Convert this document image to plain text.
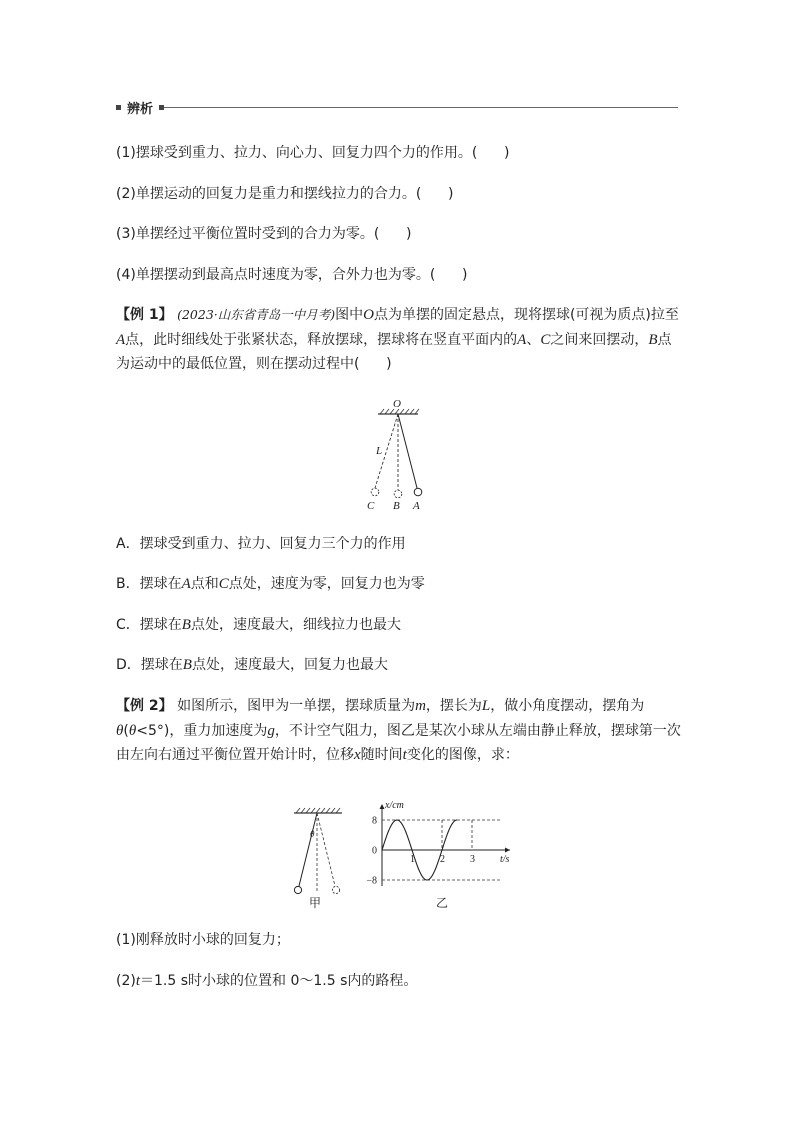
辨析
(1)摆球受到重力、拉力、向心力、回复力四个力的作用。(      )
(2)单摆运动的回复力是重力和摆线拉力的合力。(      )
(3)单摆经过平衡位置时受到的合力为零。(      )
(4)单摆摆动到最高点时速度为零，合外力也为零。(      )
【例 1】 (2023·山东省青岛一中月考)图中O点为单摆的固定悬点，现将摆球(可视为质点)拉至A点，此时细线处于张紧状态，释放摆球，摆球将在竖直平面内的A、C之间来回摆动，B点为运动中的最低位置，则在摆动过程中(      )
O
L
C B A
A．摆球受到重力、拉力、回复力三个力的作用
B．摆球在A点和C点处，速度为零，回复力也为零
C．摆球在B点处，速度最大，细线拉力也最大
D．摆球在B点处，速度最大，回复力也最大
【例 2】 如图所示，图甲为一单摆，摆球质量为m，摆长为L，做小角度摆动，摆角为θ(θ<5°)，重力加速度为g，不计空气阻力，图乙是某次小球从左端由静止释放，摆球第一次由左向右通过平衡位置开始计时，位移x随时间t变化的图像，求：
θ
甲
1	2	3
8
0
−8
t/s
x/cm
乙
(1)刚释放时小球的回复力；
(2)t＝1.5 s时小球的位置和 0～1.5 s内的路程。
